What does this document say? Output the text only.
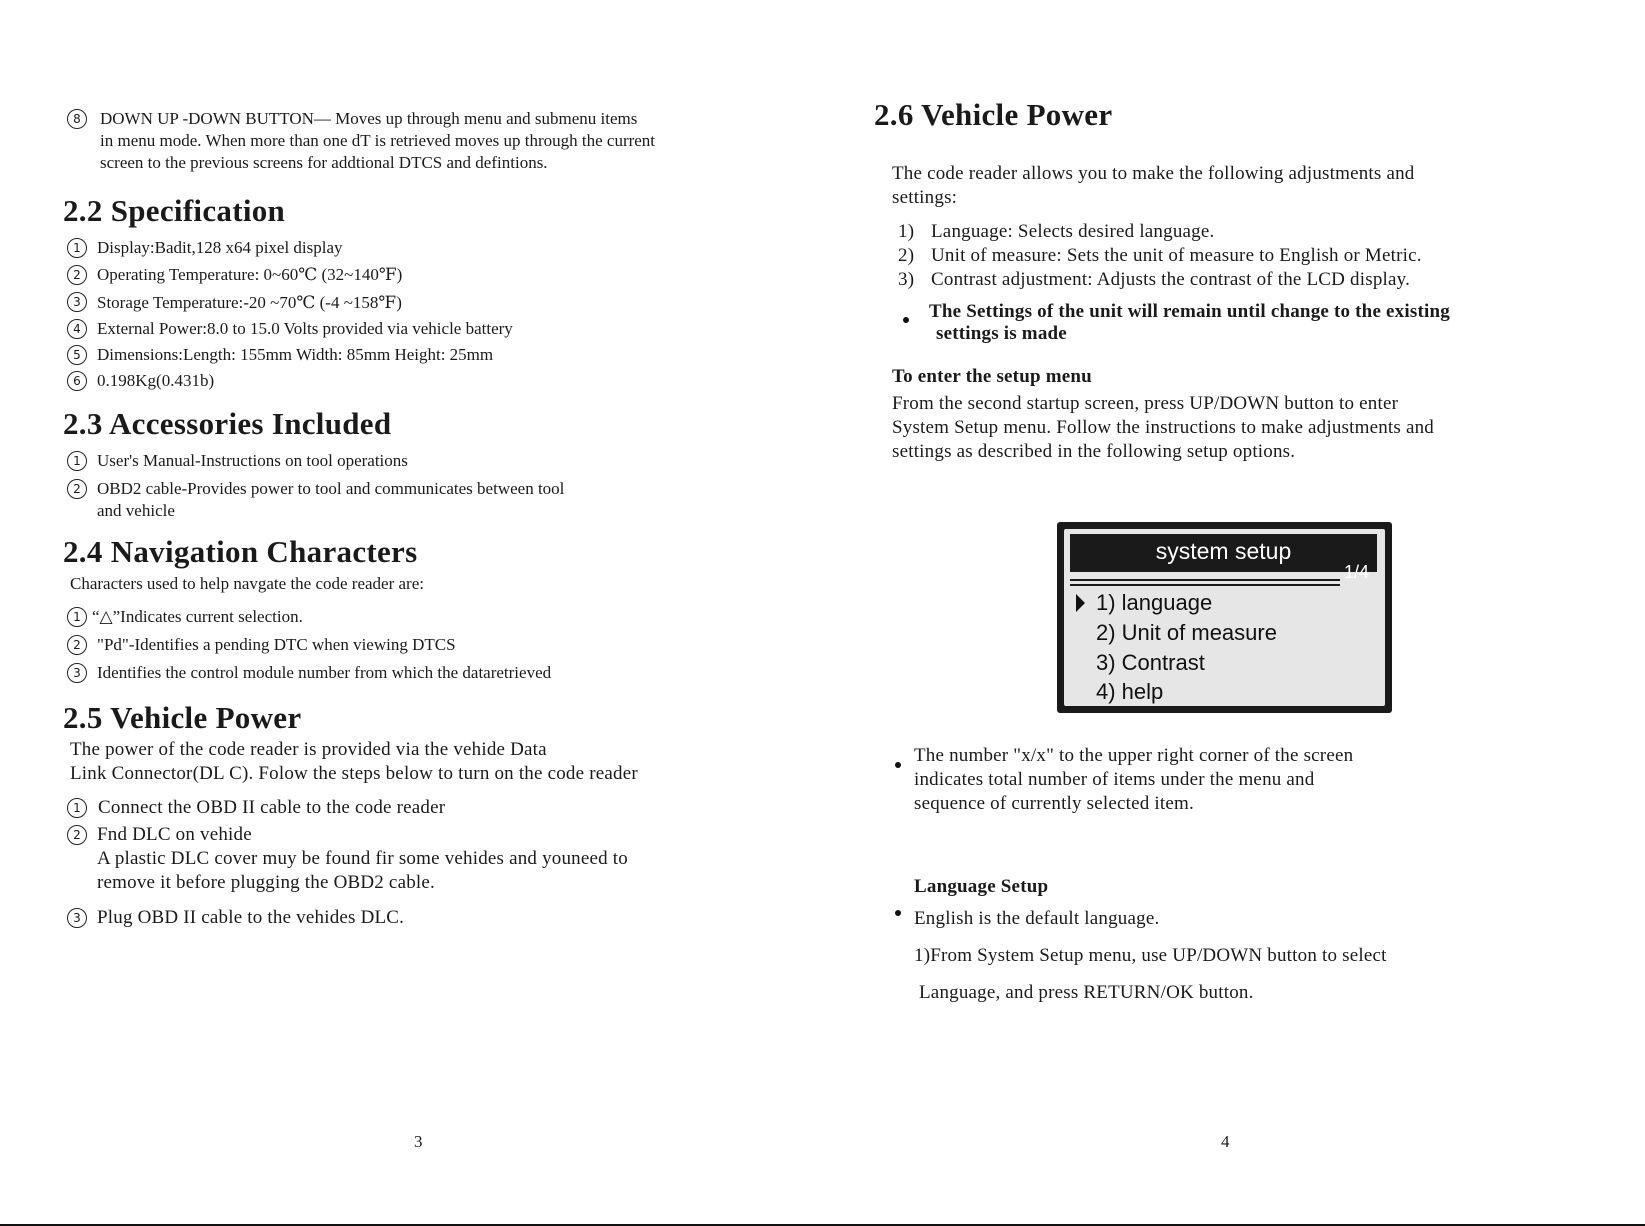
8	DOWN UP -DOWN BUTTON— Moves up through menu and submenu items
in menu mode. When more than one dT is retrieved moves up through the current
screen to the previous screens for addtional DTCS and defintions.
2.2 Specification
1 Display:Badit,128 x64 pixel display
2 Operating Temperature: 0~60℃ (32~140℉)
3 Storage Temperature:-20 ~70℃ (-4 ~158℉)
4 External Power:8.0 to 15.0 Volts provided via vehicle battery
5 Dimensions:Length: 155mm Width: 85mm Height: 25mm
6 0.198Kg(0.431b)
2.3 Accessories Included
1 User's Manual-Instructions on tool operations
2 OBD2 cable-Provides power to tool and communicates between tool
and vehicle
2.4 Navigation Characters
Characters used to help navgate the code reader are:
1 “△”Indicates current selection.
2 "Pd"-Identifies a pending DTC when viewing DTCS
3 Identifies the control module number from which the dataretrieved
2.5 Vehicle Power
The power of the code reader is provided via the vehide Data
Link Connector(DL C). Folow the steps below to turn on the code reader
1 Connect the OBD II cable to the code reader
2 Fnd DLC on vehide
A plastic DLC cover muy be found fir some vehides and youneed to
remove it before plugging the OBD2 cable.
3 Plug OBD II cable to the vehides DLC.
3
2.6 Vehicle Power
The code reader allows you to make the following adjustments and
settings:
1) Language: Selects desired language.
2) Unit of measure: Sets the unit of measure to English or Metric.
3) Contrast adjustment: Adjusts the contrast of the LCD display.
The Settings of the unit will remain until change to the existing
settings is made
To enter the setup menu
From the second startup screen, press UP/DOWN button to enter
System Setup menu. Follow the instructions to make adjustments and
settings as described in the following setup options.
The number "x/x" to the upper right corner of the screen
indicates total number of items under the menu and
sequence of currently selected item.
Language Setup
English is the default language.
1)From System Setup menu, use UP/DOWN button to select
Language, and press RETURN/OK button.
4
system setup
1/4
1) language
2) Unit of measure
3) Contrast
4) help
